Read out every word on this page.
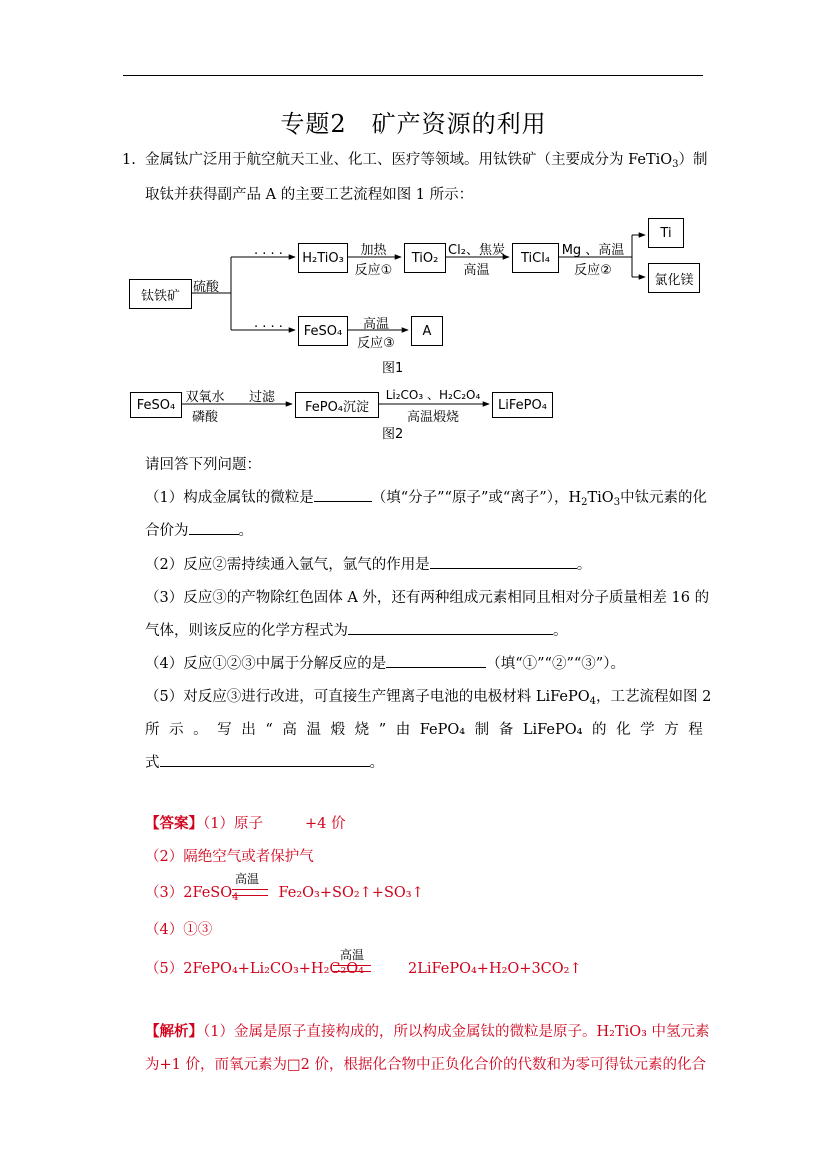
专题2　矿产资源的利用
1. 金属钛广泛用于航空航天工业、化工、医疗等领域。用钛铁矿（主要成分为 FeTiO$_3$）制
取钛并获得副产品 A 的主要工艺流程如图 1 所示：
钛铁矿
硫酸
· · · ·
· · · ·
H₂TiO₃	加热
反应①
TiO₂ Cl₂、焦炭
高温
TiCl₄ Mg 、高温
反应②
Ti
氯化镁
FeSO₄	高温
反应③
A
图1
FeSO₄ 双氧水
磷酸
过滤
FePO₄沉淀
Li₂CO₃ 、H₂C₂O₄
高温煅烧
LiFePO₄
图2
请回答下列问题：
（1）构成金属钛的微粒是	（填“分子”“原子”或“离子”），$H_2TiO_3$中钛元素的化
合价为	。
（2）反应②需持续通入氩气，氩气的作用是	。
（3）反应③的产物除红色固体 A 外，还有两种组成元素相同且相对分子质量相差 16 的
气体，则该反应的化学方程式为	。
（4）反应①②③中属于分解反应的是	（填“①”“②”“③”）。
（5）对反应③进行改进，可直接生产锂离子电池的电极材料 LiFePO$_4$，工艺流程如图 2
所 示 。 写 出 “ 高 温 煅 烧 ” 由 FePO₄ 制 备 LiFePO₄ 的 化 学 方 程
式	。
【答案】（1）原子	+4 价
（2）隔绝空气或者保护气
（3）2FeSO$_4$	Fe₂O₃+SO₂↑+SO₃↑
高温
（4）①③
（5）2FePO₄+Li₂CO₃+H₂C₂O₄	2LiFePO₄+H₂O+3CO₂↑
高温
【解析】（1）金属是原子直接构成的，所以构成金属钛的微粒是原子。H₂TiO₃ 中氢元素
为+1 价，而氧元素为□2 价，根据化合物中正负化合价的代数和为零可得钛元素的化合
